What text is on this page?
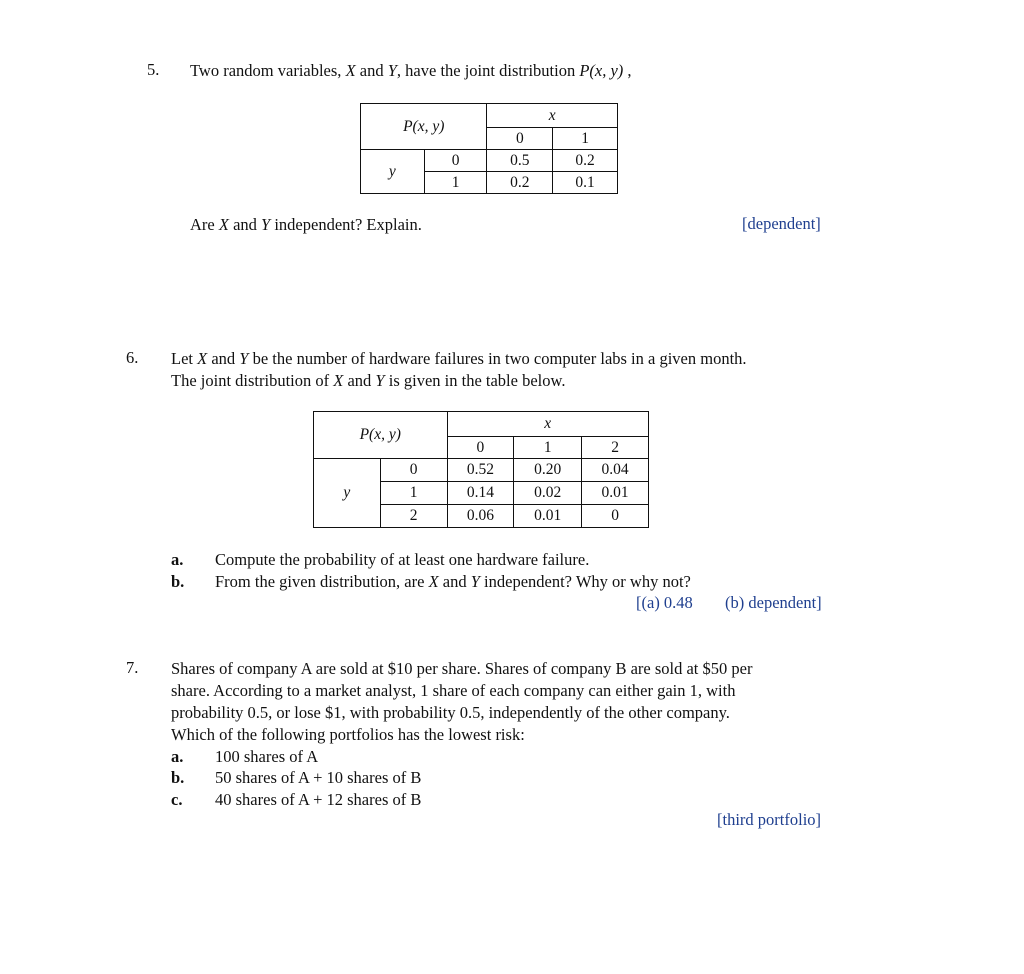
5. Two random variables, X and Y, have the joint distribution P(x, y) ,
P(x, y)		x	
		0	1
y	0	0.5	0.2
	1	0.2	0.1
Are X and Y independent? Explain.	[dependent]
6. Let X and Y be the number of hardware failures in two computer labs in a given month.
The joint distribution of X and Y is given in the table below.
P(x, y)		x		
		0	1	2
y	0	0.52	0.20	0.04
	1	0.14	0.02	0.01
	2	0.06	0.01	0
a. Compute the probability of at least one hardware failure.
b. From the given distribution, are X and Y independent? Why or why not?
[(a) 0.48 (b) dependent]
7. Shares of company A are sold at $10 per share. Shares of company B are sold at $50 per
share. According to a market analyst, 1 share of each company can either gain 1, with
probability 0.5, or lose $1, with probability 0.5, independently of the other company.
Which of the following portfolios has the lowest risk:
a. 100 shares of A
b. 50 shares of A + 10 shares of B
c. 40 shares of A + 12 shares of B
[third portfolio]
